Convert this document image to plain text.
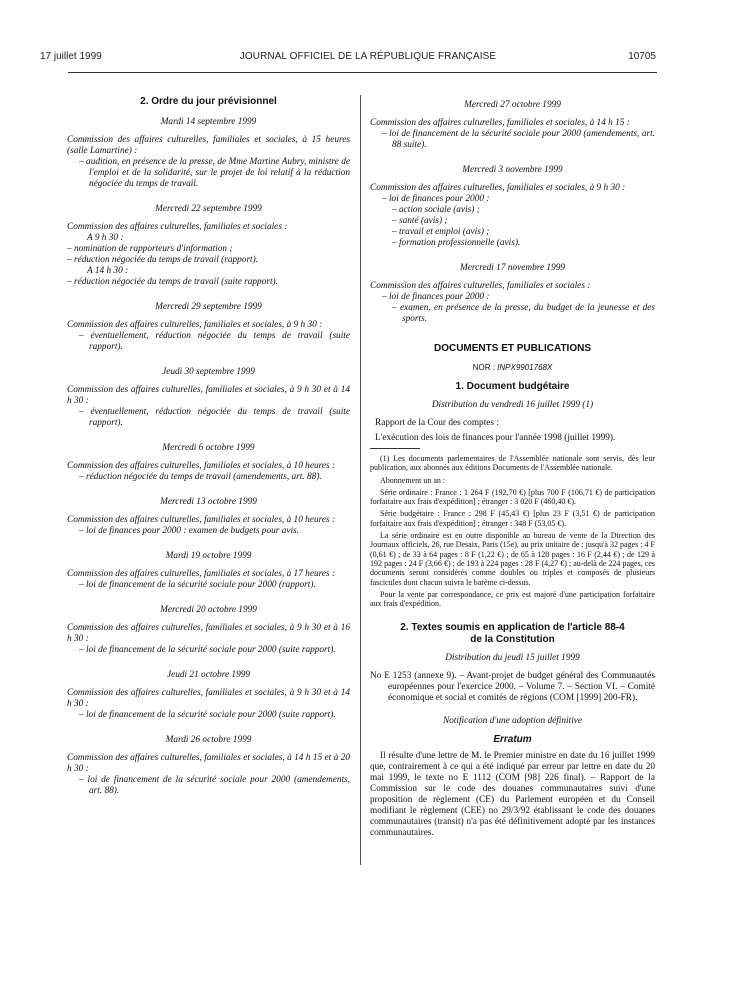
17 juillet 1999	JOURNAL OFFICIEL DE LA RÉPUBLIQUE FRANÇAISE	10705
2. Ordre du jour prévisionnel
Mardi 14 septembre 1999

Commission des affaires culturelles, familiales et sociales, à 15 heures (salle Lamartine) :

– audition, en présence de la presse, de Mme Martine Aubry, ministre de l'emploi et de la solidarité, sur le projet de loi relatif à la réduction négociée du temps de travail.

Mercredi 22 septembre 1999

Commission des affaires culturelles, familiales et sociales :

A 9 h 30 :

– nomination de rapporteurs d'information ;

– réduction négociée du temps de travail (rapport).

A 14 h 30 :

– réduction négociée du temps de travail (suite rapport).

Mercredi 29 septembre 1999

Commission des affaires culturelles, familiales et sociales, à 9 h 30 :

– éventuellement, réduction négociée du temps de travail (suite rapport).

Jeudi 30 septembre 1999

Commission des affaires culturelles, familiales et sociales, à 9 h 30 et à 14 h 30 :

– éventuellement, réduction négociée du temps de travail (suite rapport).

Mercredi 6 octobre 1999

Commission des affaires culturelles, familiales et sociales, à 10 heures :

– réduction négociée du temps de travail (amendements, art. 88).

Mercredi 13 octobre 1999

Commission des affaires culturelles, familiales et sociales, à 10 heures :

– loi de finances pour 2000 : examen de budgets pour avis.

Mardi 19 octobre 1999

Commission des affaires culturelles, familiales et sociales, à 17 heures :

– loi de financement de la sécurité sociale pour 2000 (rapport).

Mercredi 20 octobre 1999

Commission des affaires culturelles, familiales et sociales, à 9 h 30 et à 16 h 30 :

– loi de financement de la sécurité sociale pour 2000 (suite rapport).

Jeudi 21 octobre 1999

Commission des affaires culturelles, familiales et sociales, à 9 h 30 et à 14 h 30 :

– loi de financement de la sécurité sociale pour 2000 (suite rapport).

Mardi 26 octobre 1999

Commission des affaires culturelles, familiales et sociales, à 14 h 15 et à 20 h 30 :

– loi de financement de la sécurité sociale pour 2000 (amendements, art. 88).

Mercredi 27 octobre 1999

Commission des affaires culturelles, familiales et sociales, à 14 h 15 :

– loi de financement de la sécurité sociale pour 2000 (amendements, art. 88 suite).

Mercredi 3 novembre 1999

Commission des affaires culturelles, familiales et sociales, à 9 h 30 :

– loi de finances pour 2000 :

– action sociale (avis) ;

– santé (avis) ;

– travail et emploi (avis) ;

– formation professionnelle (avis).

Mercredi 17 novembre 1999

Commission des affaires culturelles, familiales et sociales :

– loi de finances pour 2000 :

– examen, en présence de la presse, du budget de la jeunesse et des sports.

DOCUMENTS ET PUBLICATIONS
NOR : INPX9901768X
1. Document budgétaire
Distribution du vendredi 16 juillet 1999 (1)

Rapport de la Cour des comptes :

L'exécution des lois de finances pour l'année 1998 (juillet 1999).

(1) Les documents parlementaires de l'Assemblée nationale sont servis, dès leur publication, aux abonnés aux éditions Documents de l'Assemblée nationale.

Abonnement un an :

Série ordinaire : France : 1 264 F (192,70 €) [plus 700 F (106,71 €) de participation forfaitaire aux frais d'expédition] ; étranger : 3 020 F (460,40 €).

Série budgétaire : France : 298 F (45,43 €) [plus 23 F (3,51 €) de participation forfaitaire aux frais d'expédition] ; étranger : 348 F (53,05 €).

La série ordinaire est en outre disponible au bureau de vente de la Direction des Journaux officiels, 26, rue Desaix, Paris (15e), au prix unitaire de : jusqu'à 32 pages : 4 F (0,61 €) ; de 33 à 64 pages : 8 F (1,22 €) ; de 65 à 128 pages : 16 F (2,44 €) ; de 129 à 192 pages : 24 F (3,66 €) ; de 193 à 224 pages : 28 F (4,27 €) ; au-delà de 224 pages, ces documents seront considérés comme doubles ou triples et composés de plusieurs fascicules dont chacun suivra le barème ci-dessus.

Pour la vente par correspondance, ce prix est majoré d'une participation forfaitaire aux frais d'expédition.

2. Textes soumis en application de l'article 88-4 de la Constitution
Distribution du jeudi 15 juillet 1999

No E 1253 (annexe 9). – Avant-projet de budget général des Communautés européennes pour l'exercice 2000. – Volume 7. – Section VI. – Comité économique et social et comités de régions (COM [1999] 200-FR).

Notification d'une adoption définitive
Erratum

Il résulte d'une lettre de M. le Premier ministre en date du 16 juillet 1999 que, contrairement à ce qui a été indiqué par erreur par lettre en date du 20 mai 1999, le texte no E 1112 (COM [98] 226 final). – Rapport de la Commission sur le code des douanes communautaires suivi d'une proposition de règlement (CE) du Parlement européen et du Conseil modifiant le règlement (CEE) no 29/3/92 établissant le code des douanes communautaires (transit) n'a pas été définitivement adopté par les instances communautaires.
